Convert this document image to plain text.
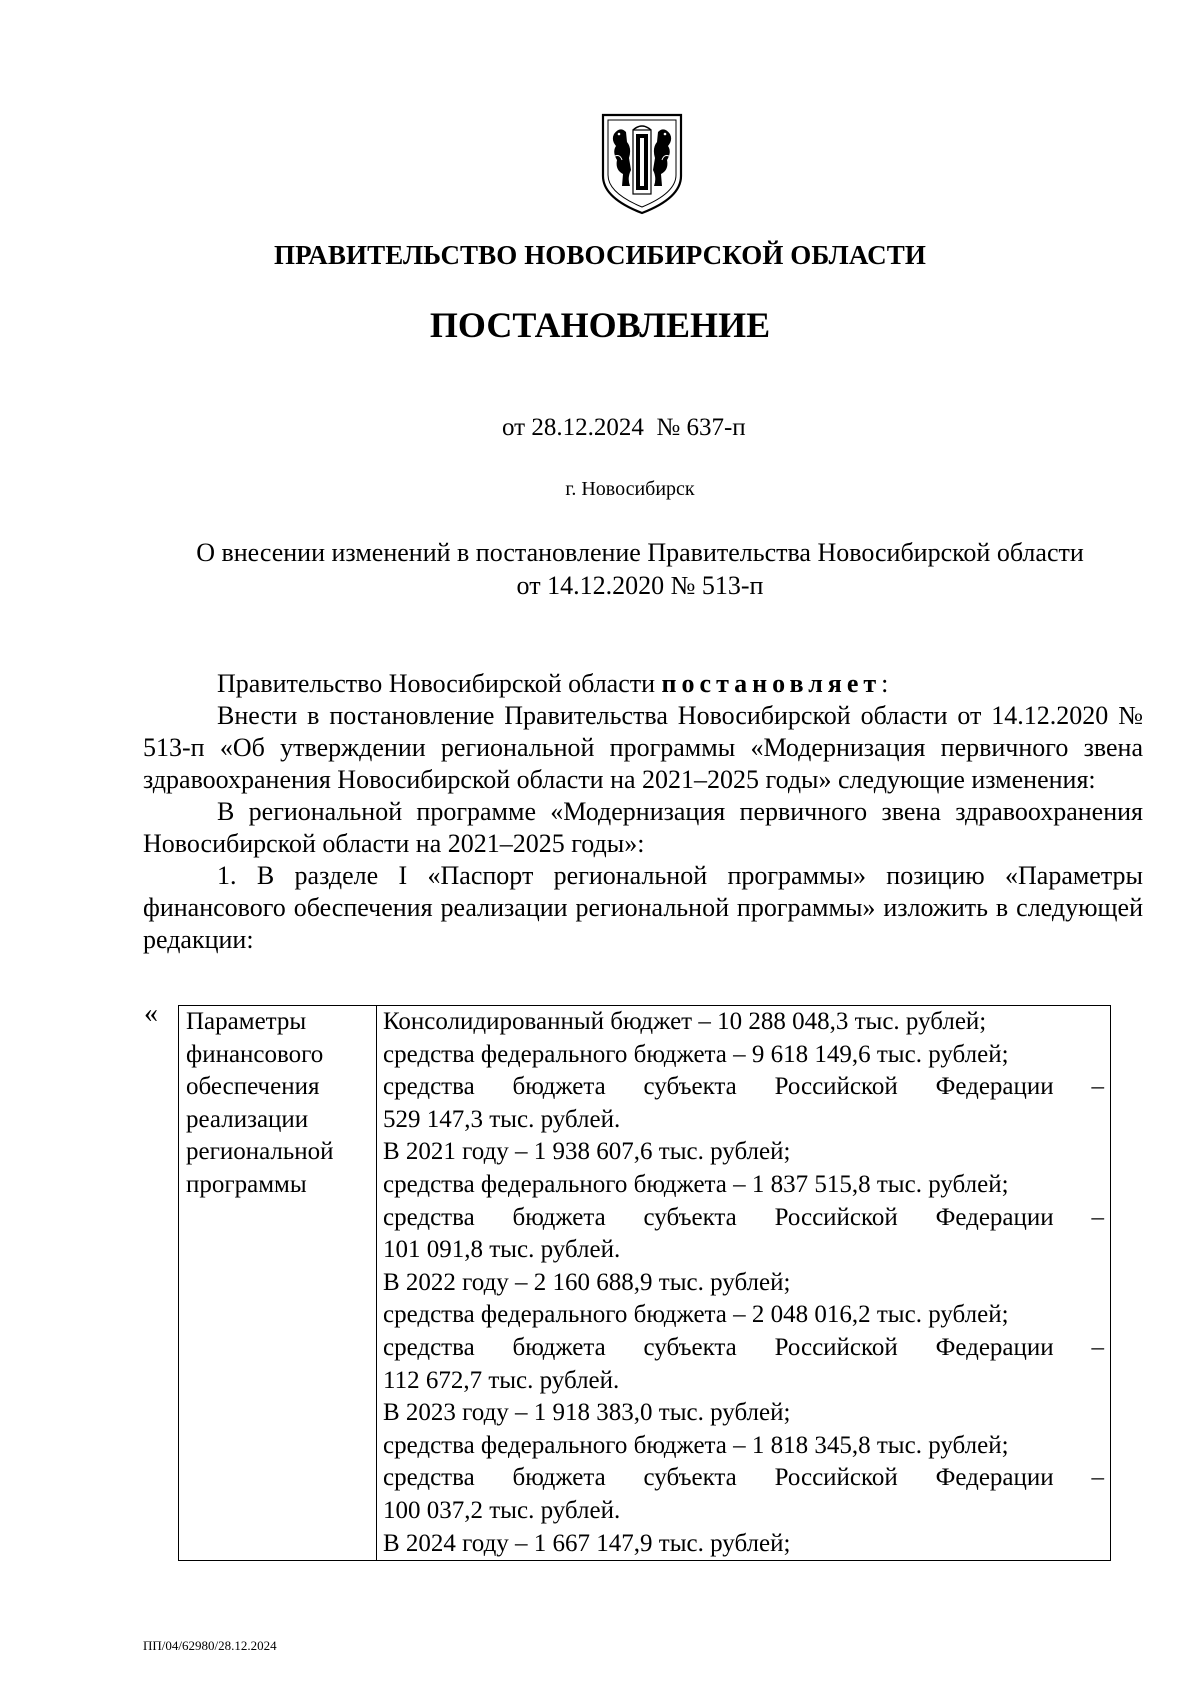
ПРАВИТЕЛЬСТВО НОВОСИБИРСКОЙ ОБЛАСТИ
ПОСТАНОВЛЕНИЕ
от 28.12.2024  № 637-п
г. Новосибирск
О внесении изменений в постановление Правительства Новосибирской области
от 14.12.2020 № 513-п

Правительство Новосибирской области постановляет:

Внести в постановление Правительства Новосибирской области от 14.12.2020 № 513-п «Об утверждении региональной программы «Модернизация первичного звена здравоохранения Новосибирской области на 2021–2025 годы» следующие изменения:

В региональной программе «Модернизация первичного звена здравоохранения Новосибирской области на 2021–2025 годы»:

1. В разделе I «Паспорт региональной программы» позицию «Параметры финансового обеспечения реализации региональной программы» изложить в следующей редакции:

« Параметры
финансового
обеспечения
реализации
региональной
программы

Консолидированный бюджет – 10 288 048,3 тыс. рублей;
средства федерального бюджета – 9 618 149,6 тыс. рублей;
средства бюджета субъекта Российской Федерации –
529 147,3 тыс. рублей.
В 2021 году – 1 938 607,6 тыс. рублей;
средства федерального бюджета – 1 837 515,8 тыс. рублей;
средства бюджета субъекта Российской Федерации –
101 091,8 тыс. рублей.
В 2022 году – 2 160 688,9 тыс. рублей;
средства федерального бюджета – 2 048 016,2 тыс. рублей;
средства бюджета субъекта Российской Федерации –
112 672,7 тыс. рублей.
В 2023 году – 1 918 383,0 тыс. рублей;
средства федерального бюджета – 1 818 345,8 тыс. рублей;
средства бюджета субъекта Российской Федерации –
100 037,2 тыс. рублей.
В 2024 году – 1 667 147,9 тыс. рублей;
ПП/04/62980/28.12.2024
